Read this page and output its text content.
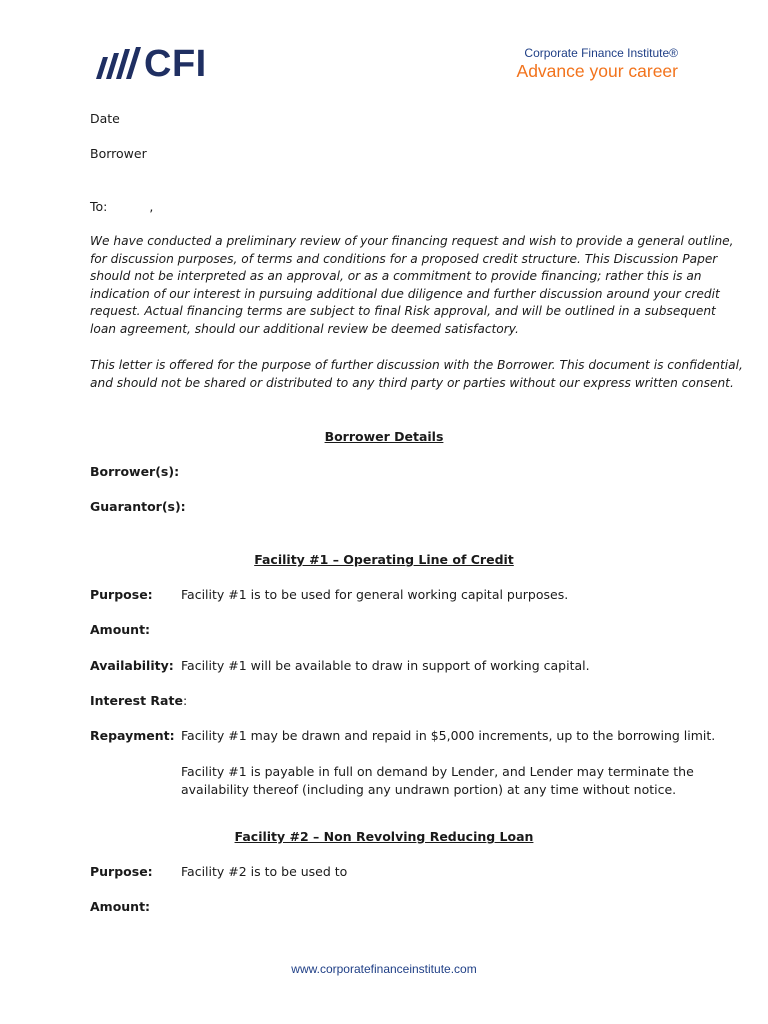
CFI	Corporate Finance Institute®
Advance your career
Date
Borrower
To:	,
We have conducted a preliminary review of your financing request and wish to provide a general outline,
for discussion purposes, of terms and conditions for a proposed credit structure. This Discussion Paper
should not be interpreted as an approval, or as a commitment to provide financing; rather this is an
indication of our interest in pursuing additional due diligence and further discussion around your credit
request. Actual financing terms are subject to final Risk approval, and will be outlined in a subsequent
loan agreement, should our additional review be deemed satisfactory.
This letter is offered for the purpose of further discussion with the Borrower. This document is confidential,
and should not be shared or distributed to any third party or parties without our express written consent.
Borrower Details
Borrower(s):
Guarantor(s):
Facility #1 – Operating Line of Credit
Purpose: Facility #1 is to be used for general working capital purposes.
Amount:
Availability: Facility #1 will be available to draw in support of working capital.
Interest Rate:
Repayment: Facility #1 may be drawn and repaid in $5,000 increments, up to the borrowing limit.
Facility #1 is payable in full on demand by Lender, and Lender may terminate the
availability thereof (including any undrawn portion) at any time without notice.
Facility #2 – Non Revolving Reducing Loan
Purpose: Facility #2 is to be used to
Amount:
www.corporatefinanceinstitute.com
